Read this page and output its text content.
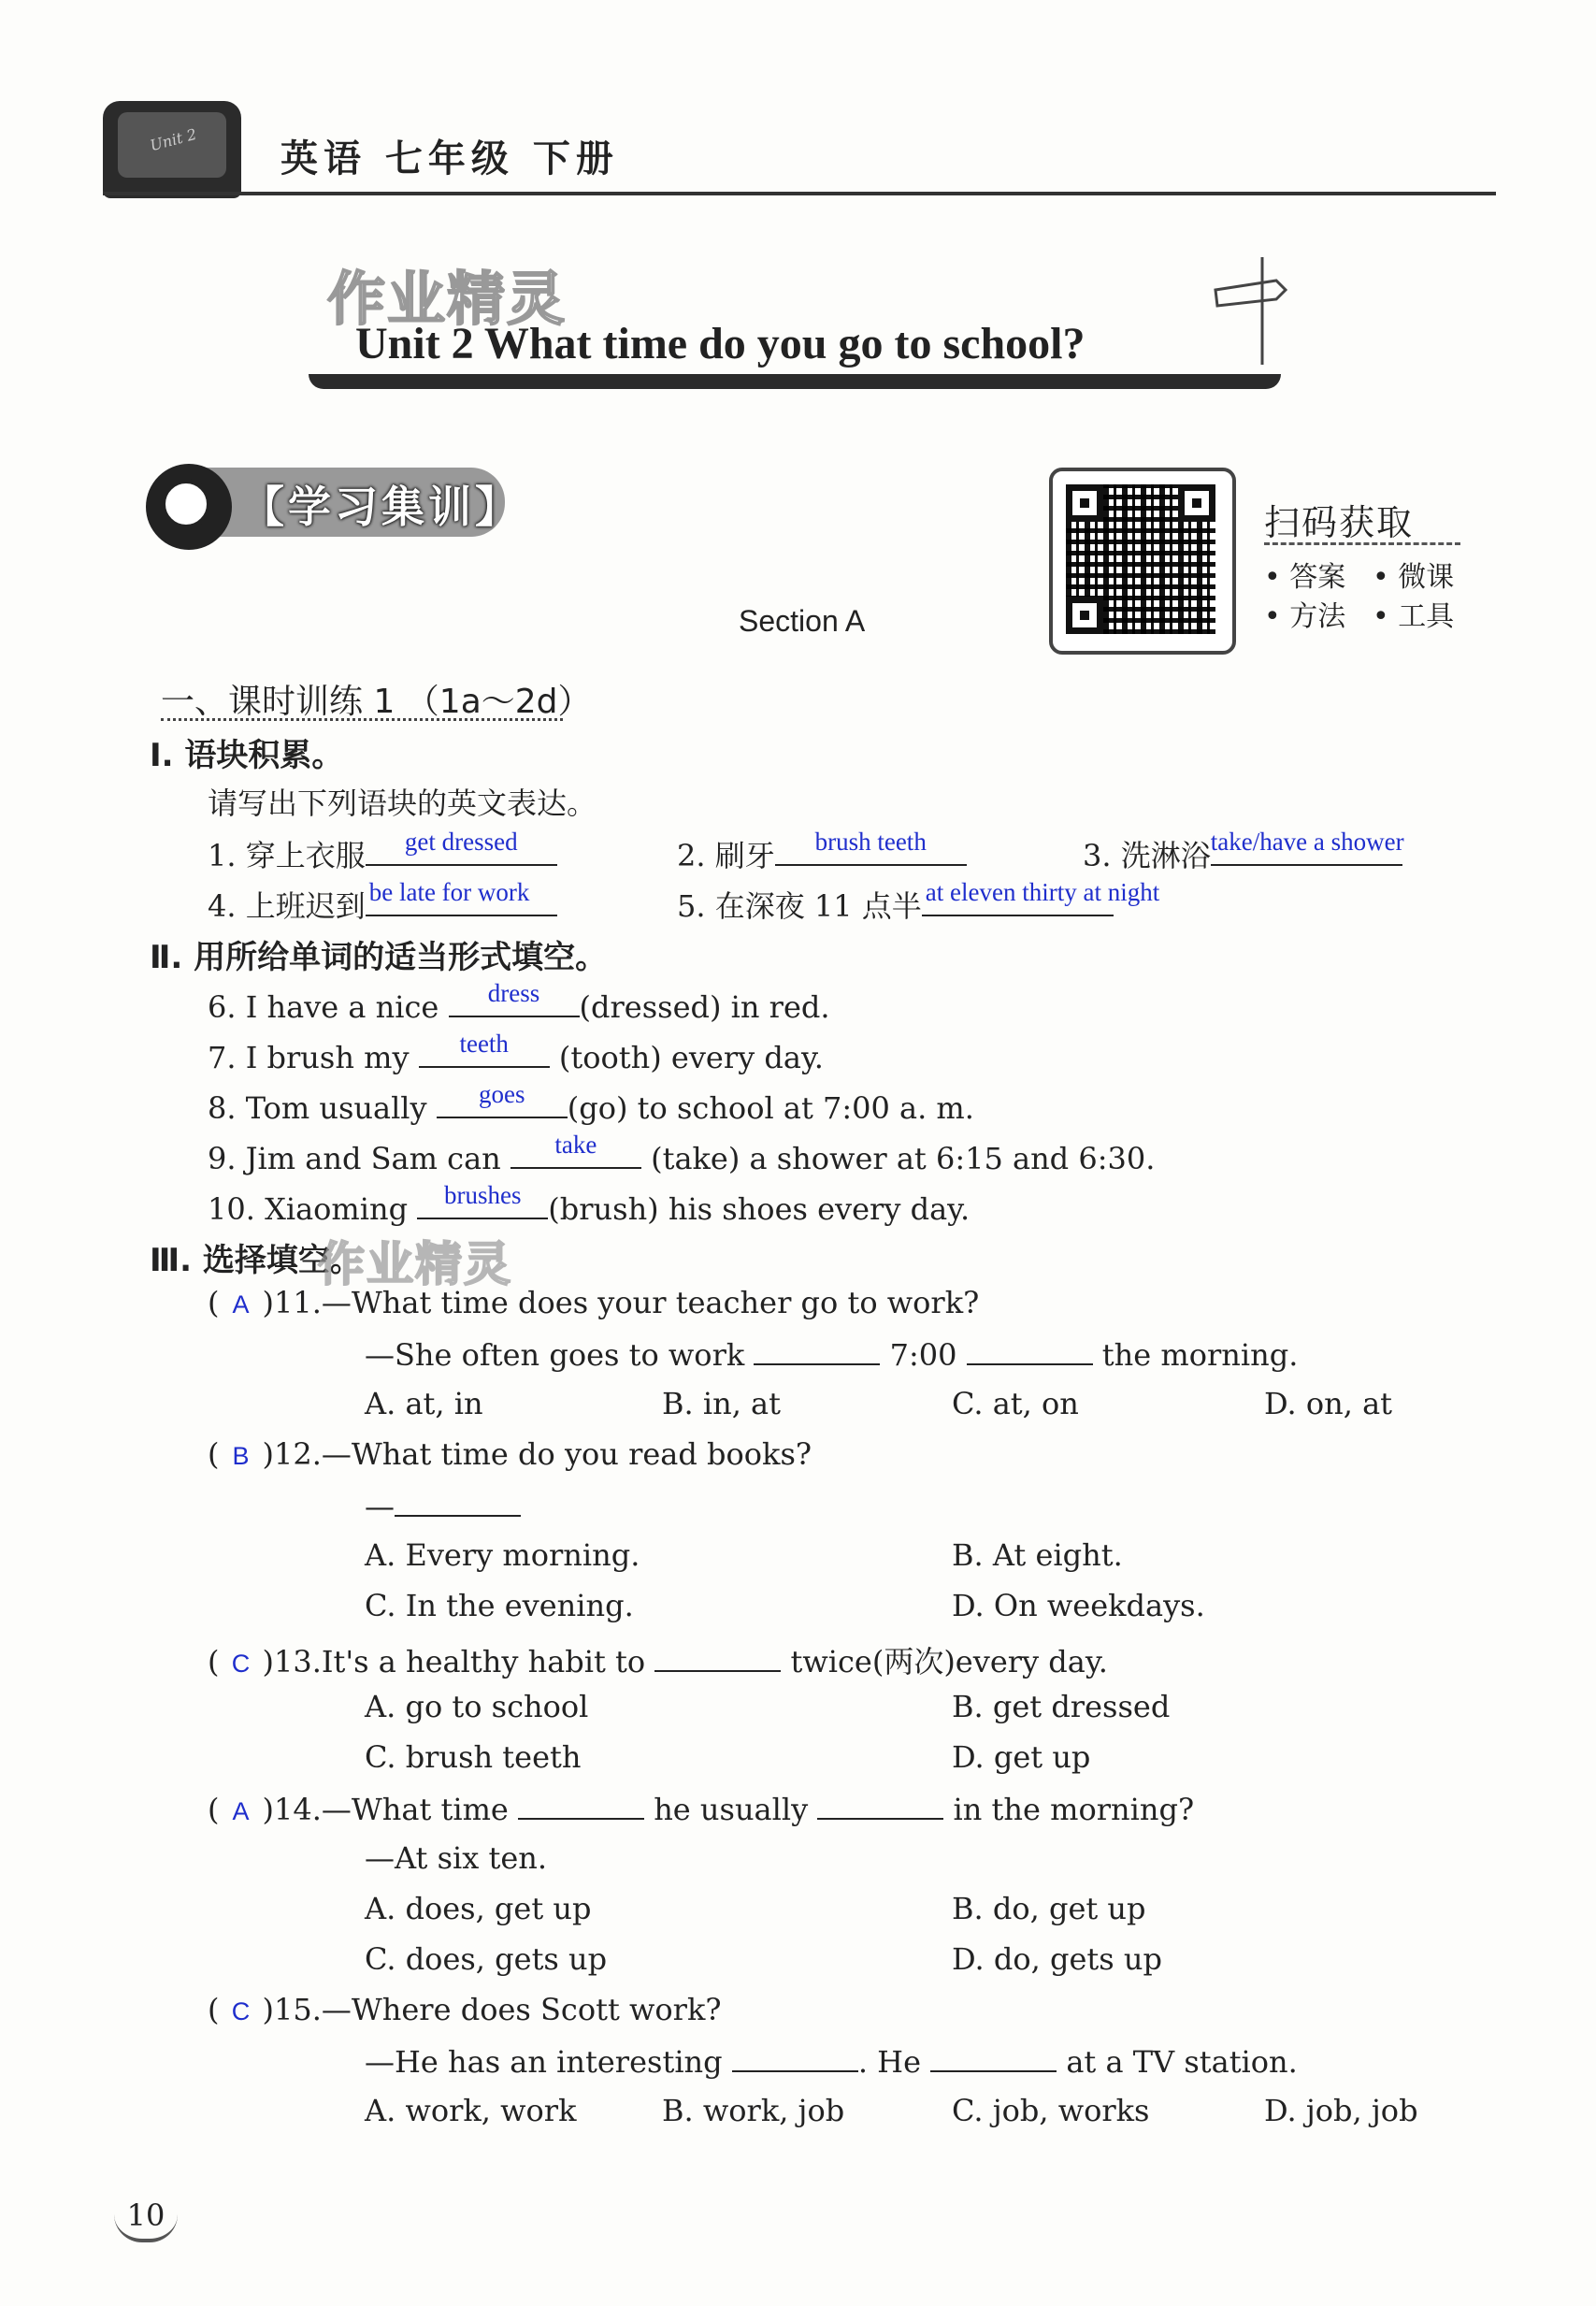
Unit 2 英语 七年级 下册
作业精灵
Unit 2 What time do you go to school?
【学习集训】	扫码获取
• 答案 • 微课
• 方法 • 工具
Section A
一、课时训练 1 （1a～2d）
Ⅰ. 语块积累。
请写出下列语块的英文表达。
1. 穿上衣服	get dressed	2. 刷牙	brush teeth	3. 洗淋浴 take/have a shower
4. 上班迟到 be late for work	5. 在深夜 11 点半 at eleven thirty at night
Ⅱ. 用所给单词的适当形式填空。
6. I have a nice	dress	(dressed) in red.
7. I brush my	teeth	(tooth) every day.
8. Tom usually	goes	(go) to school at 7:00 a. m.
9. Jim and Sam can	take	(take) a shower at 6:15 and 6:30.
10. Xiaoming	brushes (brush) his shoes every day.
Ⅲ. 选择填空。
作业精灵
( A )11.—What time does your teacher go to work?
—She often goes to work	7:00	the morning.
A. at, in	B. in, at	C. at, on	D. on, at
( B )12.—What time do you read books?
—
A. Every morning.	B. At eight.
C. In the evening.	D. On weekdays.
( C )13.It's a healthy habit to	twice(两次)every day.
A. go to school	B. get dressed
C. brush teeth	D. get up
( A )14.—What time	he usually	in the morning?
—At six ten.
A. does, get up	B. do, get up
C. does, gets up	D. do, gets up
( C )15.—Where does Scott work?
—He has an interesting	. He	at a TV station.
A. work, work	B. work, job	C. job, works	D. job, job
10
